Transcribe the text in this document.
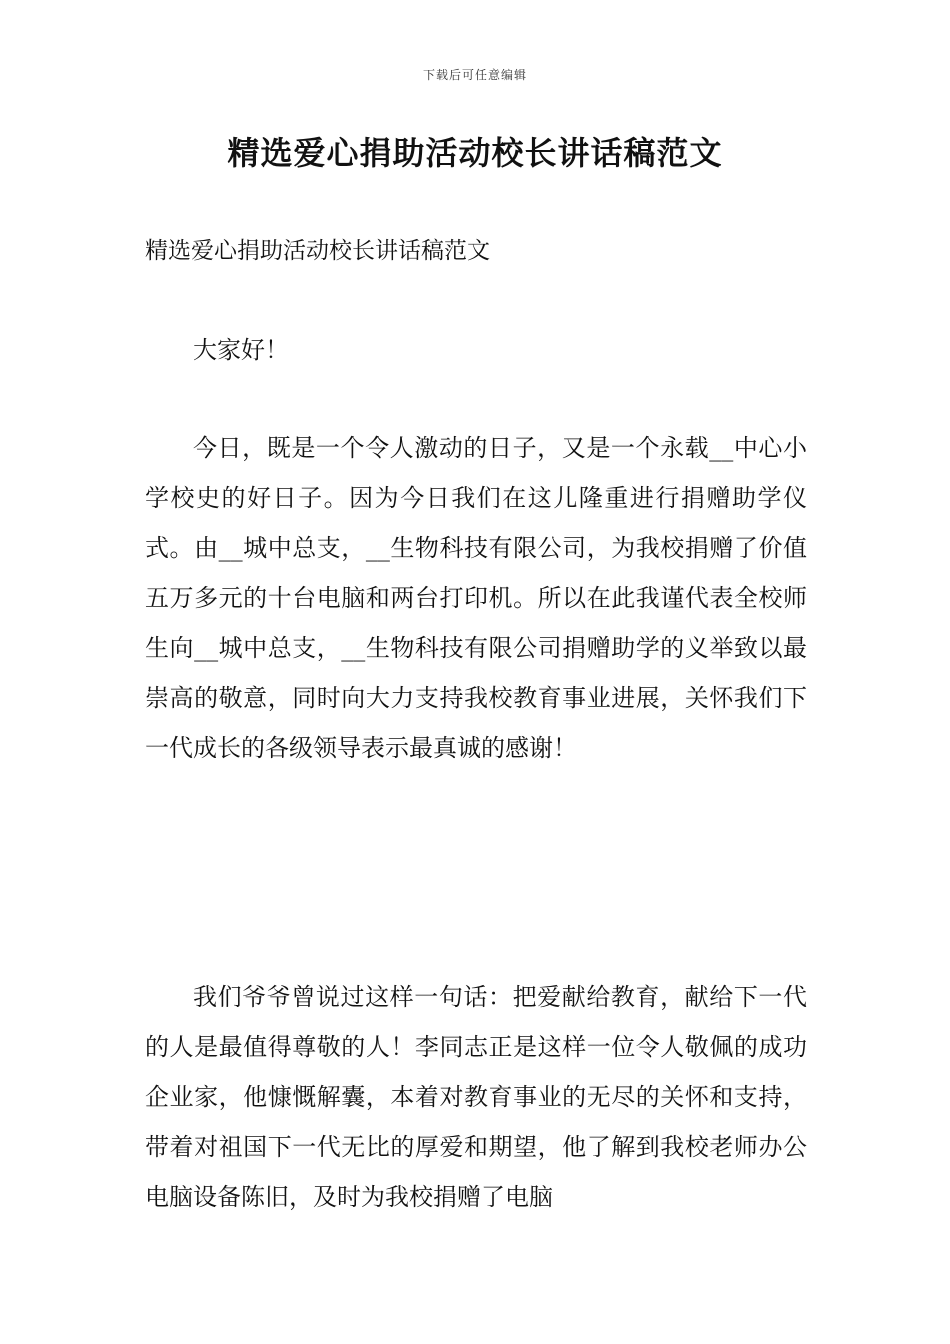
下载后可任意编辑
精选爱心捐助活动校长讲话稿范文

精选爱心捐助活动校长讲话稿范文

大家好！

今日，既是一个令人激动的日子，又是一个永载__中心小学校史的好日子。因为今日我们在这儿隆重进行捐赠助学仪式。由__城中总支，__生物科技有限公司，为我校捐赠了价值五万多元的十台电脑和两台打印机。所以在此我谨代表全校师生向__城中总支，__生物科技有限公司捐赠助学的义举致以最崇高的敬意，同时向大力支持我校教育事业进展，关怀我们下一代成长的各级领导表示最真诚的感谢！

我们爷爷曾说过这样一句话：把爱献给教育，献给下一代的人是最值得尊敬的人！李同志正是这样一位令人敬佩的成功企业家，他慷慨解囊，本着对教育事业的无尽的关怀和支持，带着对祖国下一代无比的厚爱和期望，他了解到我校老师办公电脑设备陈旧，及时为我校捐赠了电脑
